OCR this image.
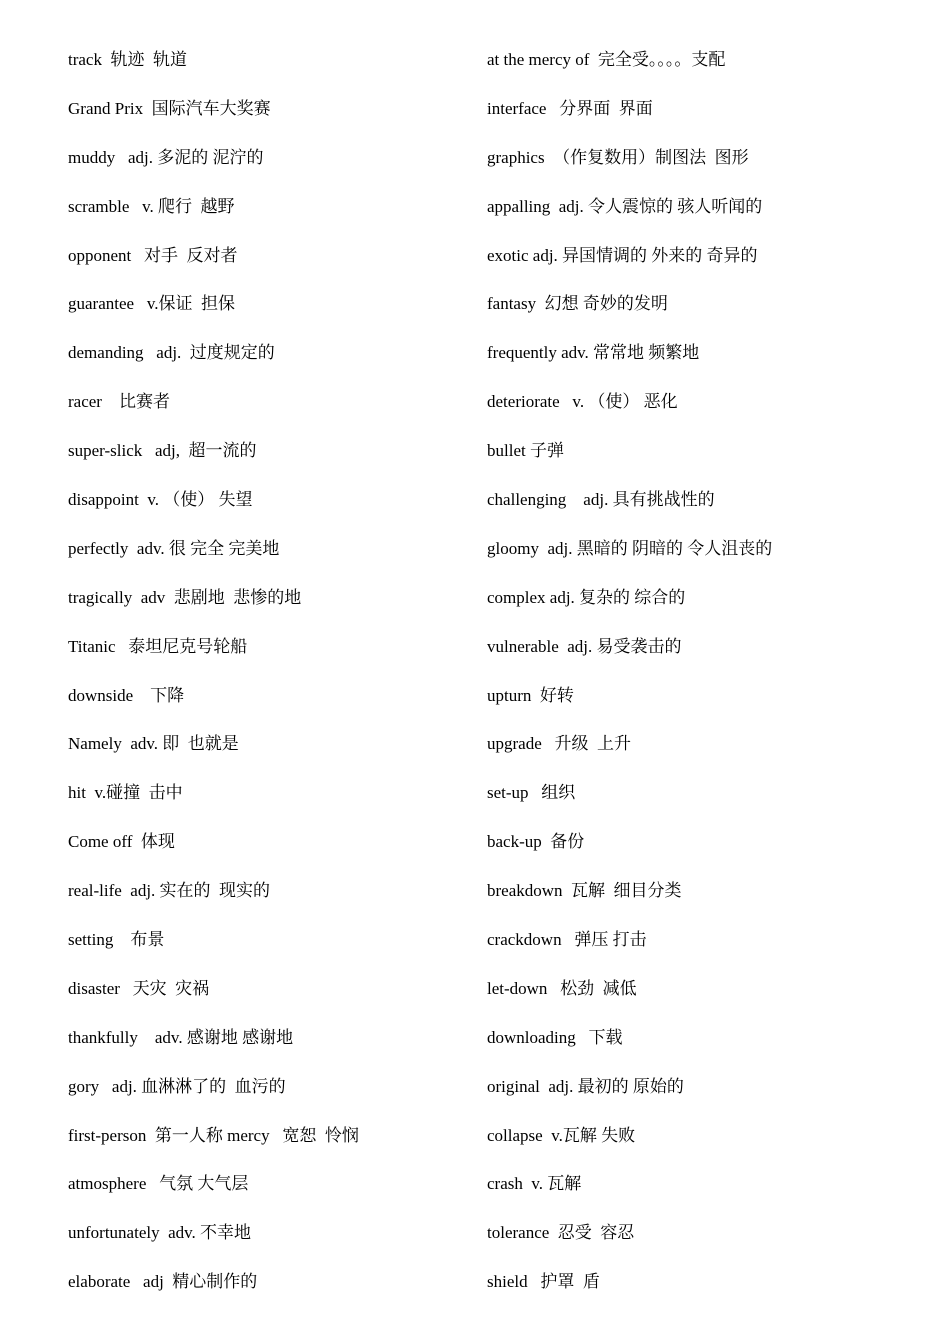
track  轨迹  轨道
Grand Prix  国际汽车大奖赛
muddy   adj. 多泥的 泥泞的
scramble   v. 爬行  越野
opponent   对手  反对者
guarantee   v.保证  担保
demanding   adj.  过度规定的
racer    比赛者
super-slick   adj,  超一流的
disappoint  v. （使） 失望
perfectly  adv. 很 完全 完美地
tragically  adv  悲剧地  悲惨的地
Titanic   泰坦尼克号轮船
downside    下降
Namely  adv. 即  也就是
hit  v.碰撞  击中
Come off  体现
real-life  adj. 实在的  现实的
setting    布景
disaster   天灾  灾祸
thankfully    adv. 感谢地 感谢地
gory   adj. 血淋淋了的  血污的
first-person  第一人称 mercy   宽恕  怜悯
atmosphere   气氛 大气层
unfortunately  adv. 不幸地
elaborate   adj  精心制作的
at the mercy of  完全受。。。。支配
interface   分界面  界面
graphics  （作复数用）制图法  图形
appalling  adj. 令人震惊的 骇人听闻的
exotic adj. 异国情调的 外来的 奇异的
fantasy  幻想 奇妙的发明
frequently adv. 常常地 频繁地
deteriorate   v. （使） 恶化
bullet 子弹
challenging    adj. 具有挑战性的
gloomy  adj. 黑暗的 阴暗的 令人沮丧的
complex adj. 复杂的 综合的
vulnerable  adj. 易受袭击的
upturn  好转
upgrade   升级  上升
set-up   组织
back-up  备份
breakdown  瓦解  细目分类
crackdown   弹压 打击
let-down   松劲  减低
downloading   下载
original  adj. 最初的 原始的
collapse  v.瓦解 失败
crash  v. 瓦解
tolerance  忍受  容忍
shield   护罩  盾
